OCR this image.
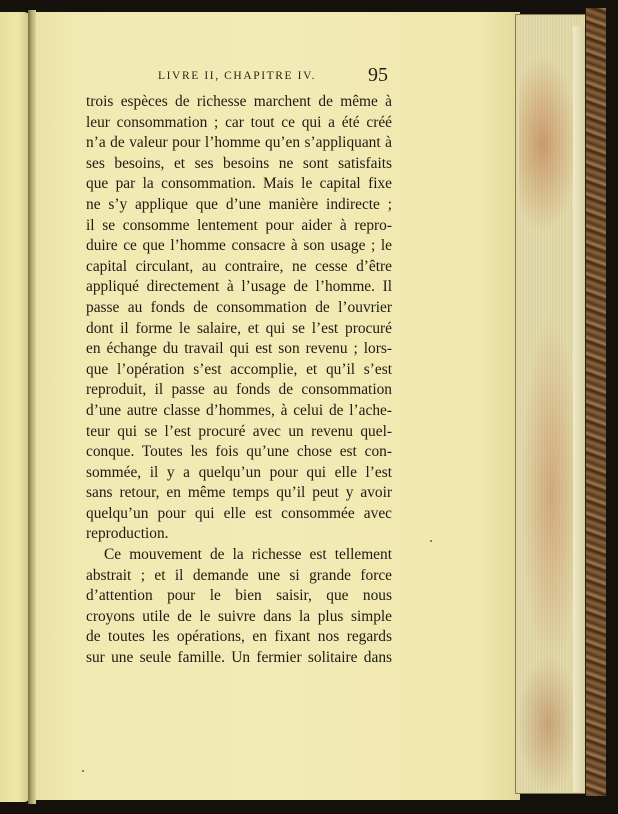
LIVRE II, CHAPITRE IV.	95
trois espèces de richesse marchent de même à
leur consommation ; car tout ce qui a été créé
n’a de valeur pour l’homme qu’en s’appliquant à
ses besoins, et ses besoins ne sont satisfaits
que par la consommation. Mais le capital fixe
ne s’y applique que d’une manière indirecte ;
il se consomme lentement pour aider à repro-
duire ce que l’homme consacre à son usage ; le
capital circulant, au contraire, ne cesse d’être
appliqué directement à l’usage de l’homme. Il
passe au fonds de consommation de l’ouvrier
dont il forme le salaire, et qui se l’est procuré
en échange du travail qui est son revenu ; lors-
que l’opération s’est accomplie, et qu’il s’est
reproduit, il passe au fonds de consommation
d’une autre classe d’hommes, à celui de l’ache-
teur qui se l’est procuré avec un revenu quel-
conque. Toutes les fois qu’une chose est con-
sommée, il y a quelqu’un pour qui elle l’est
sans retour, en même temps qu’il peut y avoir
quelqu’un pour qui elle est consommée avec
reproduction.
Ce mouvement de la richesse est tellement
abstrait ; et il demande une si grande force
d’attention pour le bien saisir, que nous
croyons utile de le suivre dans la plus simple
de toutes les opérations, en fixant nos regards
sur une seule famille. Un fermier solitaire dans
